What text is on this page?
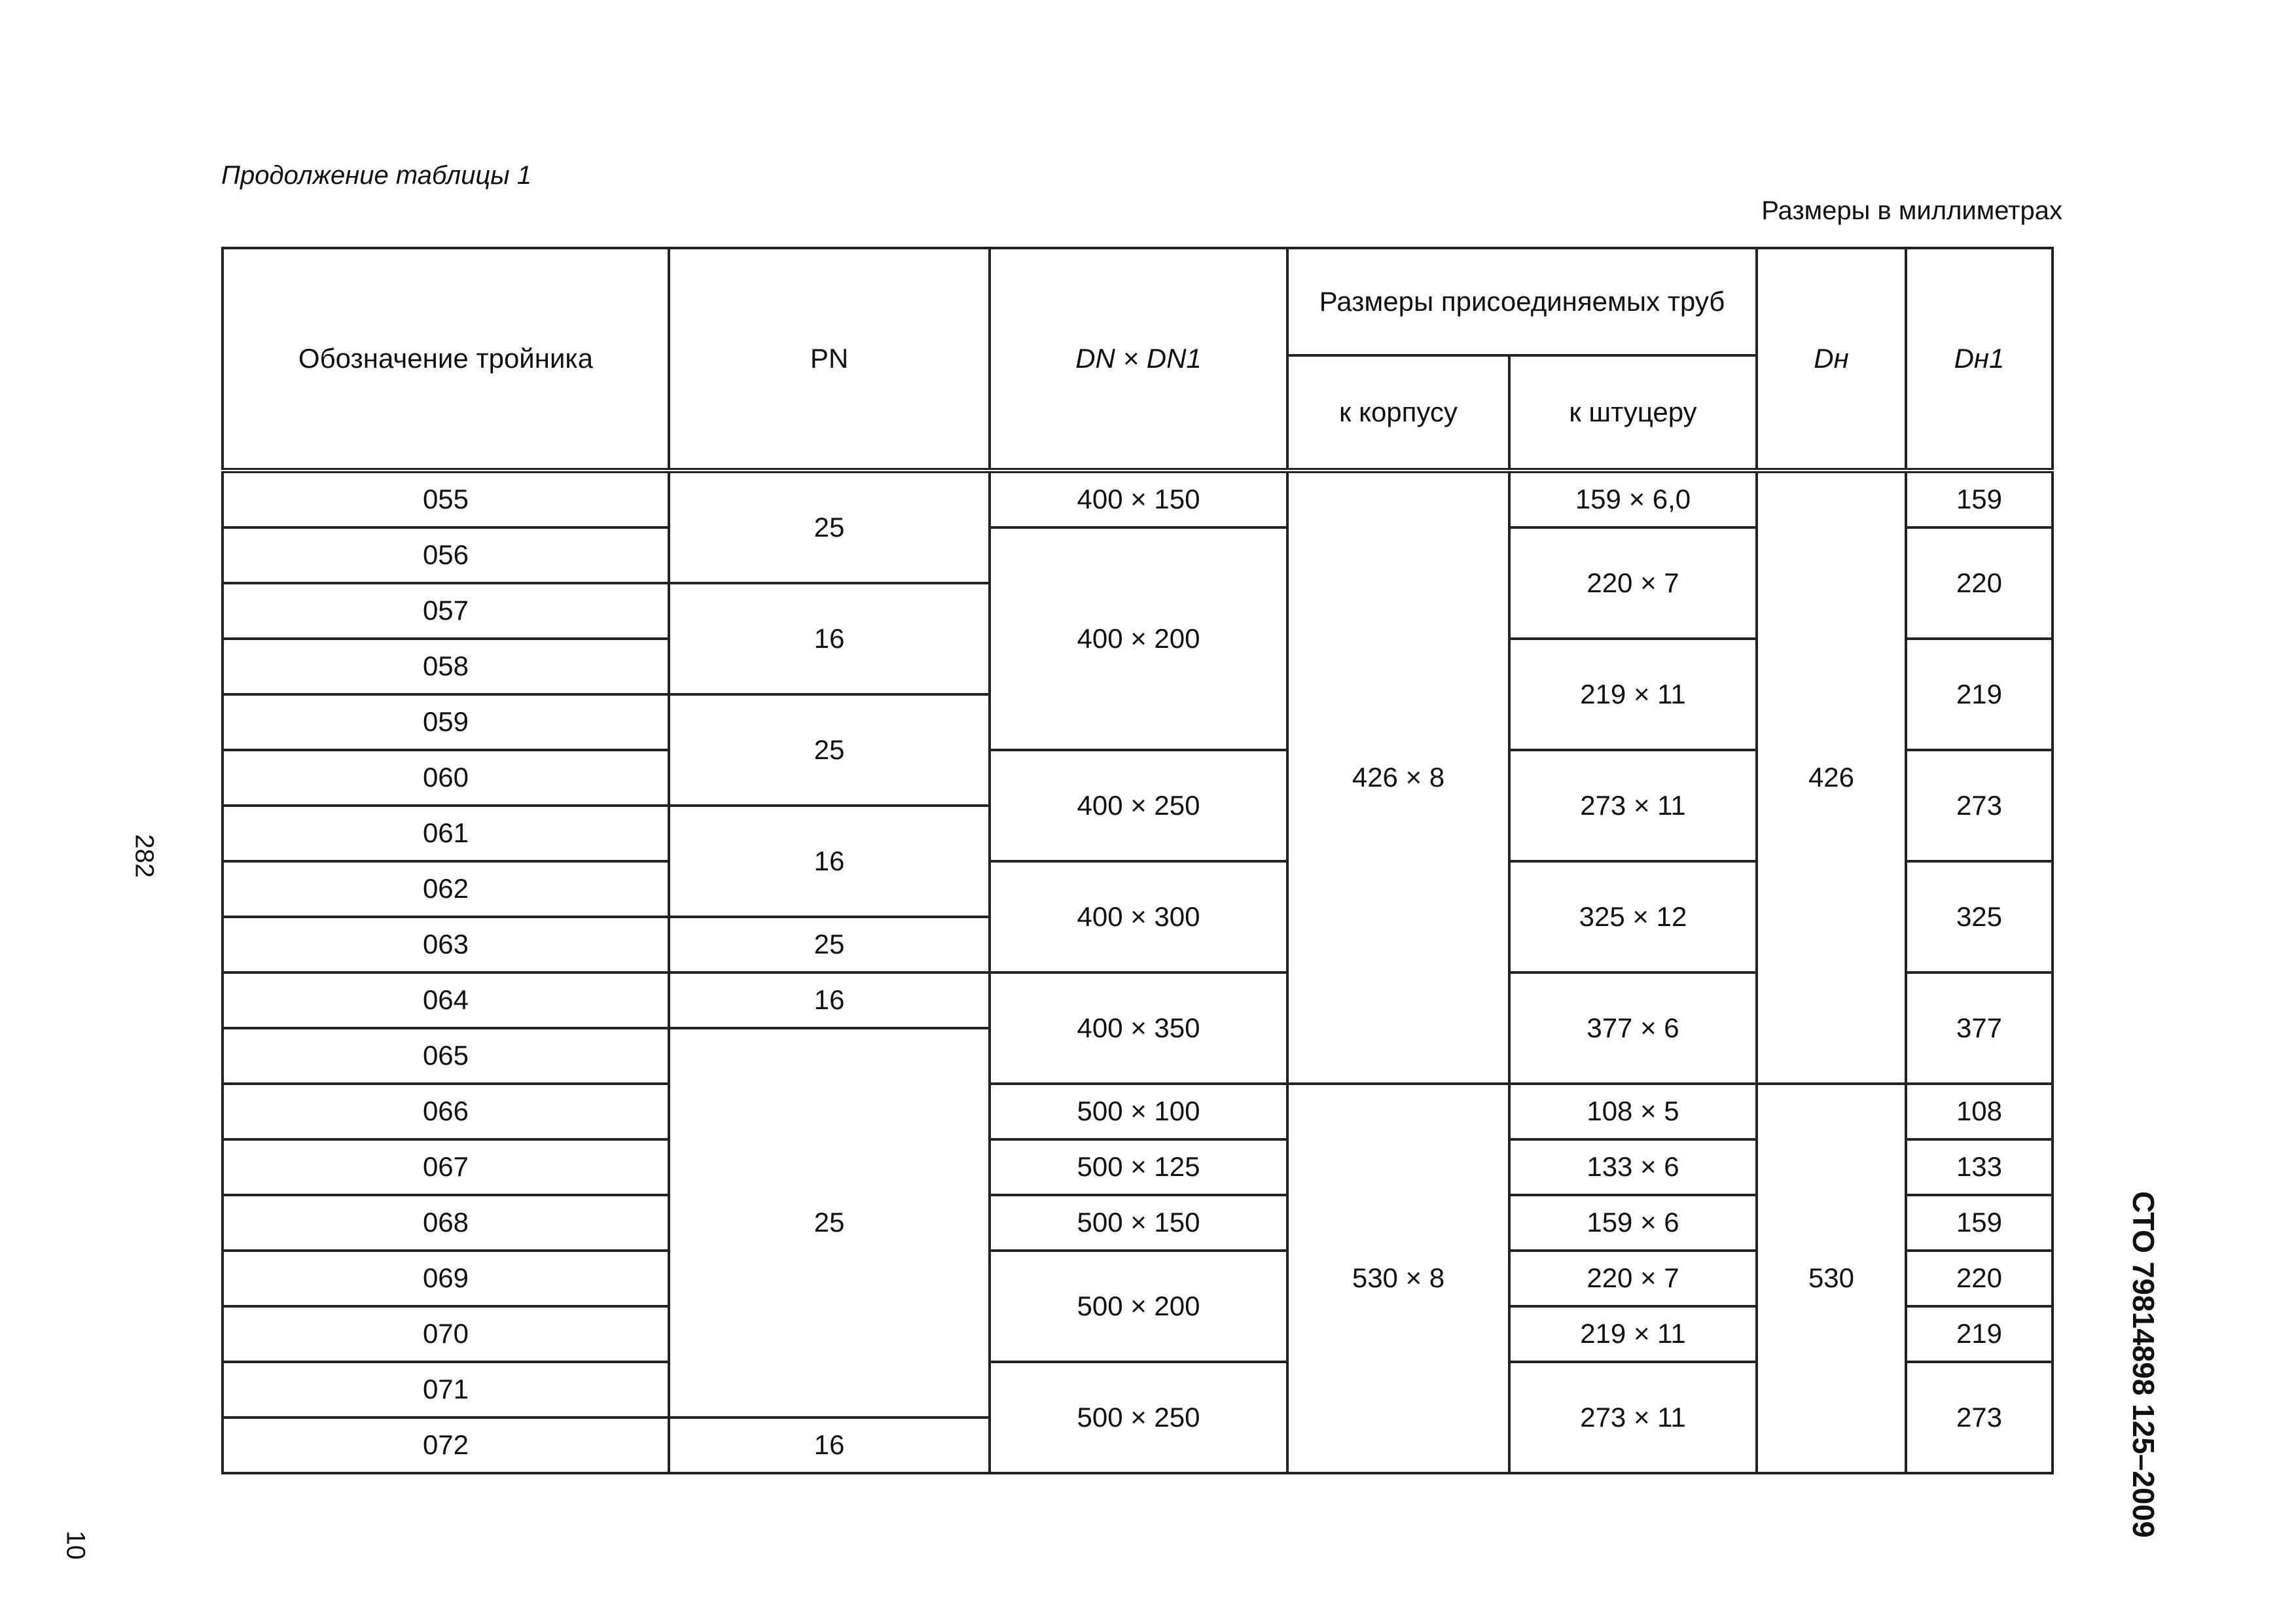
Продолжение таблицы 1
Размеры в миллиметрах
282
10
СТО 79814898 125–2009
Обозначение тройника	PN	DN × DN1	Размеры присоединяемых труб		Dн	Dн1
			к корпусу	к штуцеру		
055	25	400 × 150	426 × 8	159 × 6,0	426	159
056		400 × 200		220 × 7		220
057	16					
058				219 × 11		219
059	25					
060		400 × 250		273 × 11		273
061	16					
062		400 × 300		325 × 12		325
063	25					
064	16	400 × 350		377 × 6		377
065	25					
066		500 × 100	530 × 8	108 × 5	530	108
067		500 × 125		133 × 6		133
068		500 × 150		159 × 6		159
069		500 × 200		220 × 7		220
070				219 × 11		219
071		500 × 250		273 × 11		273
072	16					
